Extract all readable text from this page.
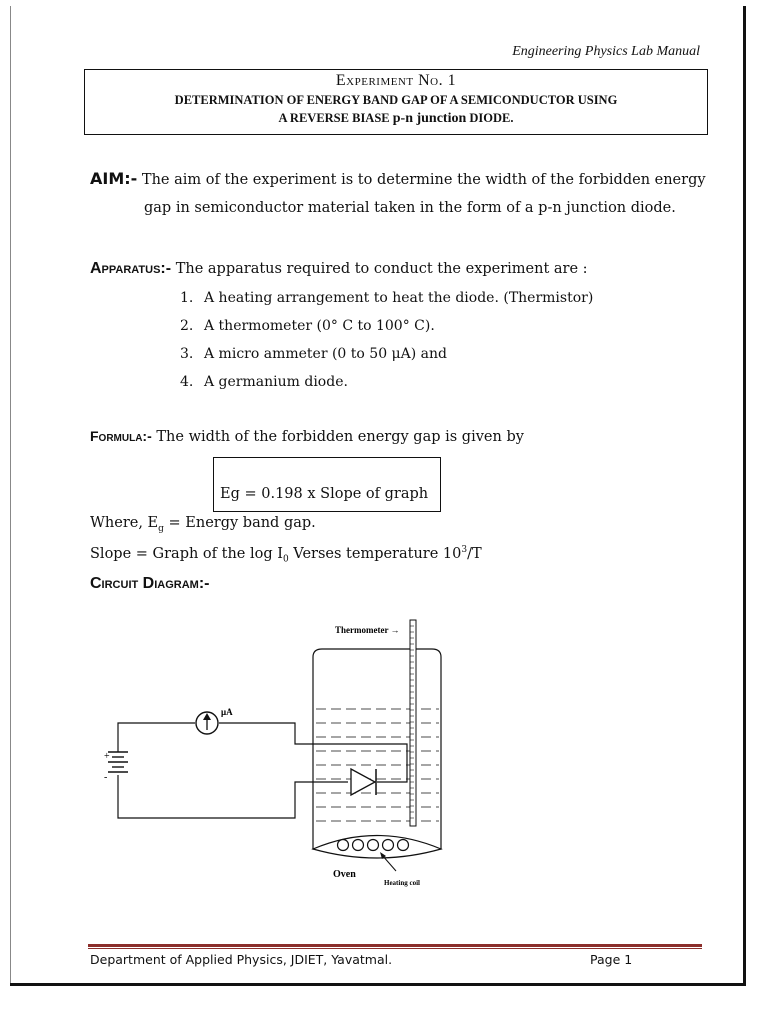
Engineering Physics Lab Manual
Experiment No. 1
DETERMINATION OF ENERGY BAND GAP OF A SEMICONDUCTOR USING
A REVERSE BIASE p-n junction DIODE.
AIM:- The aim of the experiment is to determine the width of the forbidden energy
gap in semiconductor material taken in the form of a p-n junction diode.
Apparatus:- The apparatus required to conduct the experiment are :
1. A heating arrangement to heat the diode. (Thermistor)
2. A thermometer (0° C to 100° C).
3. A micro ammeter (0 to 50 μA) and
4. A germanium diode.
Formula:- The width of the forbidden energy gap is given by
Eg = 0.198 x Slope of graph
Where, $E_g$ = Energy band gap.
Slope = Graph of the $\log I_0$ Verses temperature $10^3/T$
Circuit Diagram:-
Thermometer →
Oven
Heating coil
+
-
μA
Department of Applied Physics, JDIET, Yavatmal.	Page 1
